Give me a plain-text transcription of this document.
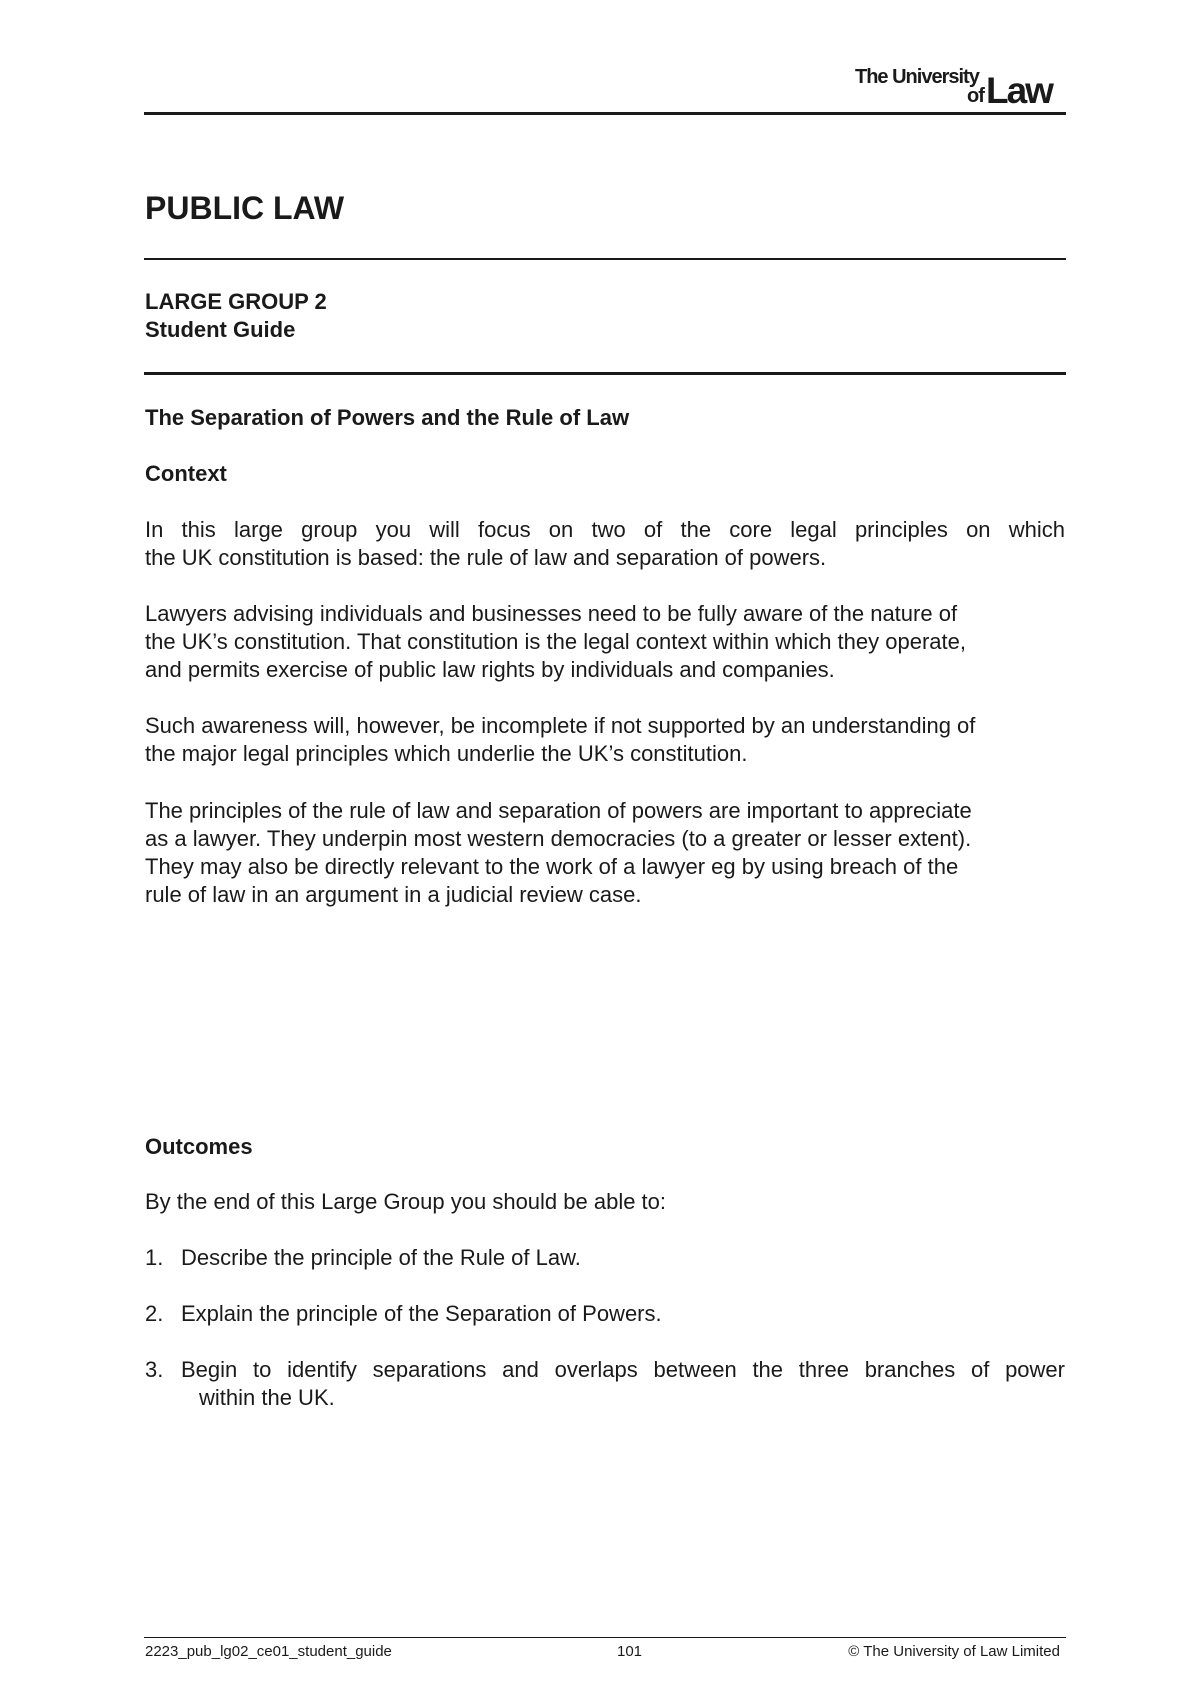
The University
of Law
PUBLIC LAW

LARGE GROUP 2

Student Guide

The Separation of Powers and the Rule of Law

Context

In this large group you will focus on two of the core legal principles on which
the UK constitution is based: the rule of law and separation of powers.
Lawyers advising individuals and businesses need to be fully aware of the nature of
the UK’s constitution. That constitution is the legal context within which they operate,
and permits exercise of public law rights by individuals and companies.
Such awareness will, however, be incomplete if not supported by an understanding of
the major legal principles which underlie the UK’s constitution.
The principles of the rule of law and separation of powers are important to appreciate
as a lawyer. They underpin most western democracies (to a greater or lesser extent).
They may also be directly relevant to the work of a lawyer eg by using breach of the
rule of law in an argument in a judicial review case.

Outcomes

By the end of this Large Group you should be able to:

1. Describe the principle of the Rule of Law.
2. Explain the principle of the Separation of Powers.
3. Begin to identify separations and overlaps between the three branches of power
within the UK.
2223_pub_lg02_ce01_student_guide	101	© The University of Law Limited
